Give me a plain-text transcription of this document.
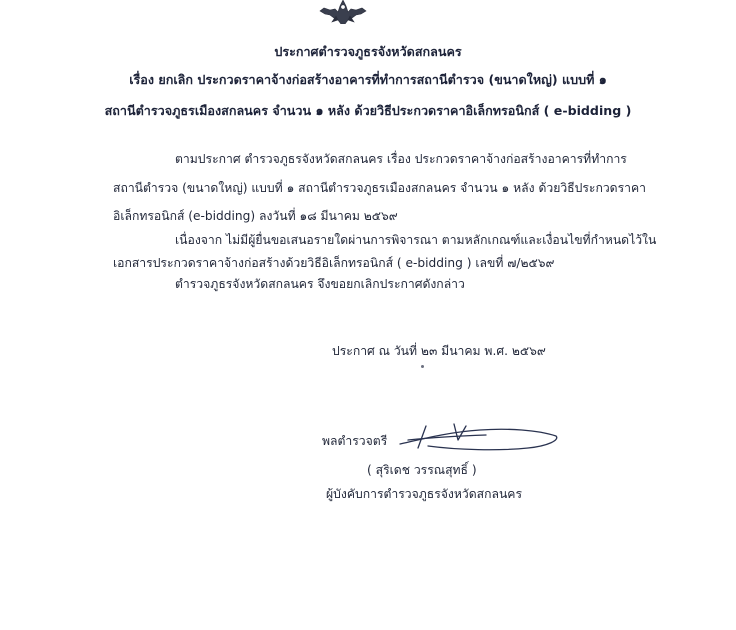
ประกาศตำรวจภูธรจังหวัดสกลนคร
เรื่อง ยกเลิก ประกวดราคาจ้างก่อสร้างอาคารที่ทำการสถานีตำรวจ (ขนาดใหญ่) แบบที่ ๑
สถานีตำรวจภูธรเมืองสกลนคร จำนวน ๑ หลัง ด้วยวิธีประกวดราคาอิเล็กทรอนิกส์ ( e-bidding )
ตามประกาศ ตำรวจภูธรจังหวัดสกลนคร เรื่อง ประกวดราคาจ้างก่อสร้างอาคารที่ทำการ
สถานีตำรวจ (ขนาดใหญ่) แบบที่ ๑ สถานีตำรวจภูธรเมืองสกลนคร จำนวน ๑ หลัง ด้วยวิธีประกวดราคา
อิเล็กทรอนิกส์ (e-bidding) ลงวันที่ ๑๘ มีนาคม ๒๕๖๙
เนื่องจาก ไม่มีผู้ยื่นขอเสนอรายใดผ่านการพิจารณา ตามหลักเกณฑ์และเงื่อนไขที่กำหนดไว้ใน
เอกสารประกวดราคาจ้างก่อสร้างด้วยวิธีอิเล็กทรอนิกส์ ( e-bidding ) เลขที่ ๗/๒๕๖๙
ตำรวจภูธรจังหวัดสกลนคร จึงขอยกเลิกประกาศดังกล่าว
ประกาศ ณ วันที่ ๒๓ มีนาคม พ.ศ. ๒๕๖๙
พลตำรวจตรี
( สุริเดช วรรณสุทธิ์ )
ผู้บังคับการตำรวจภูธรจังหวัดสกลนคร
